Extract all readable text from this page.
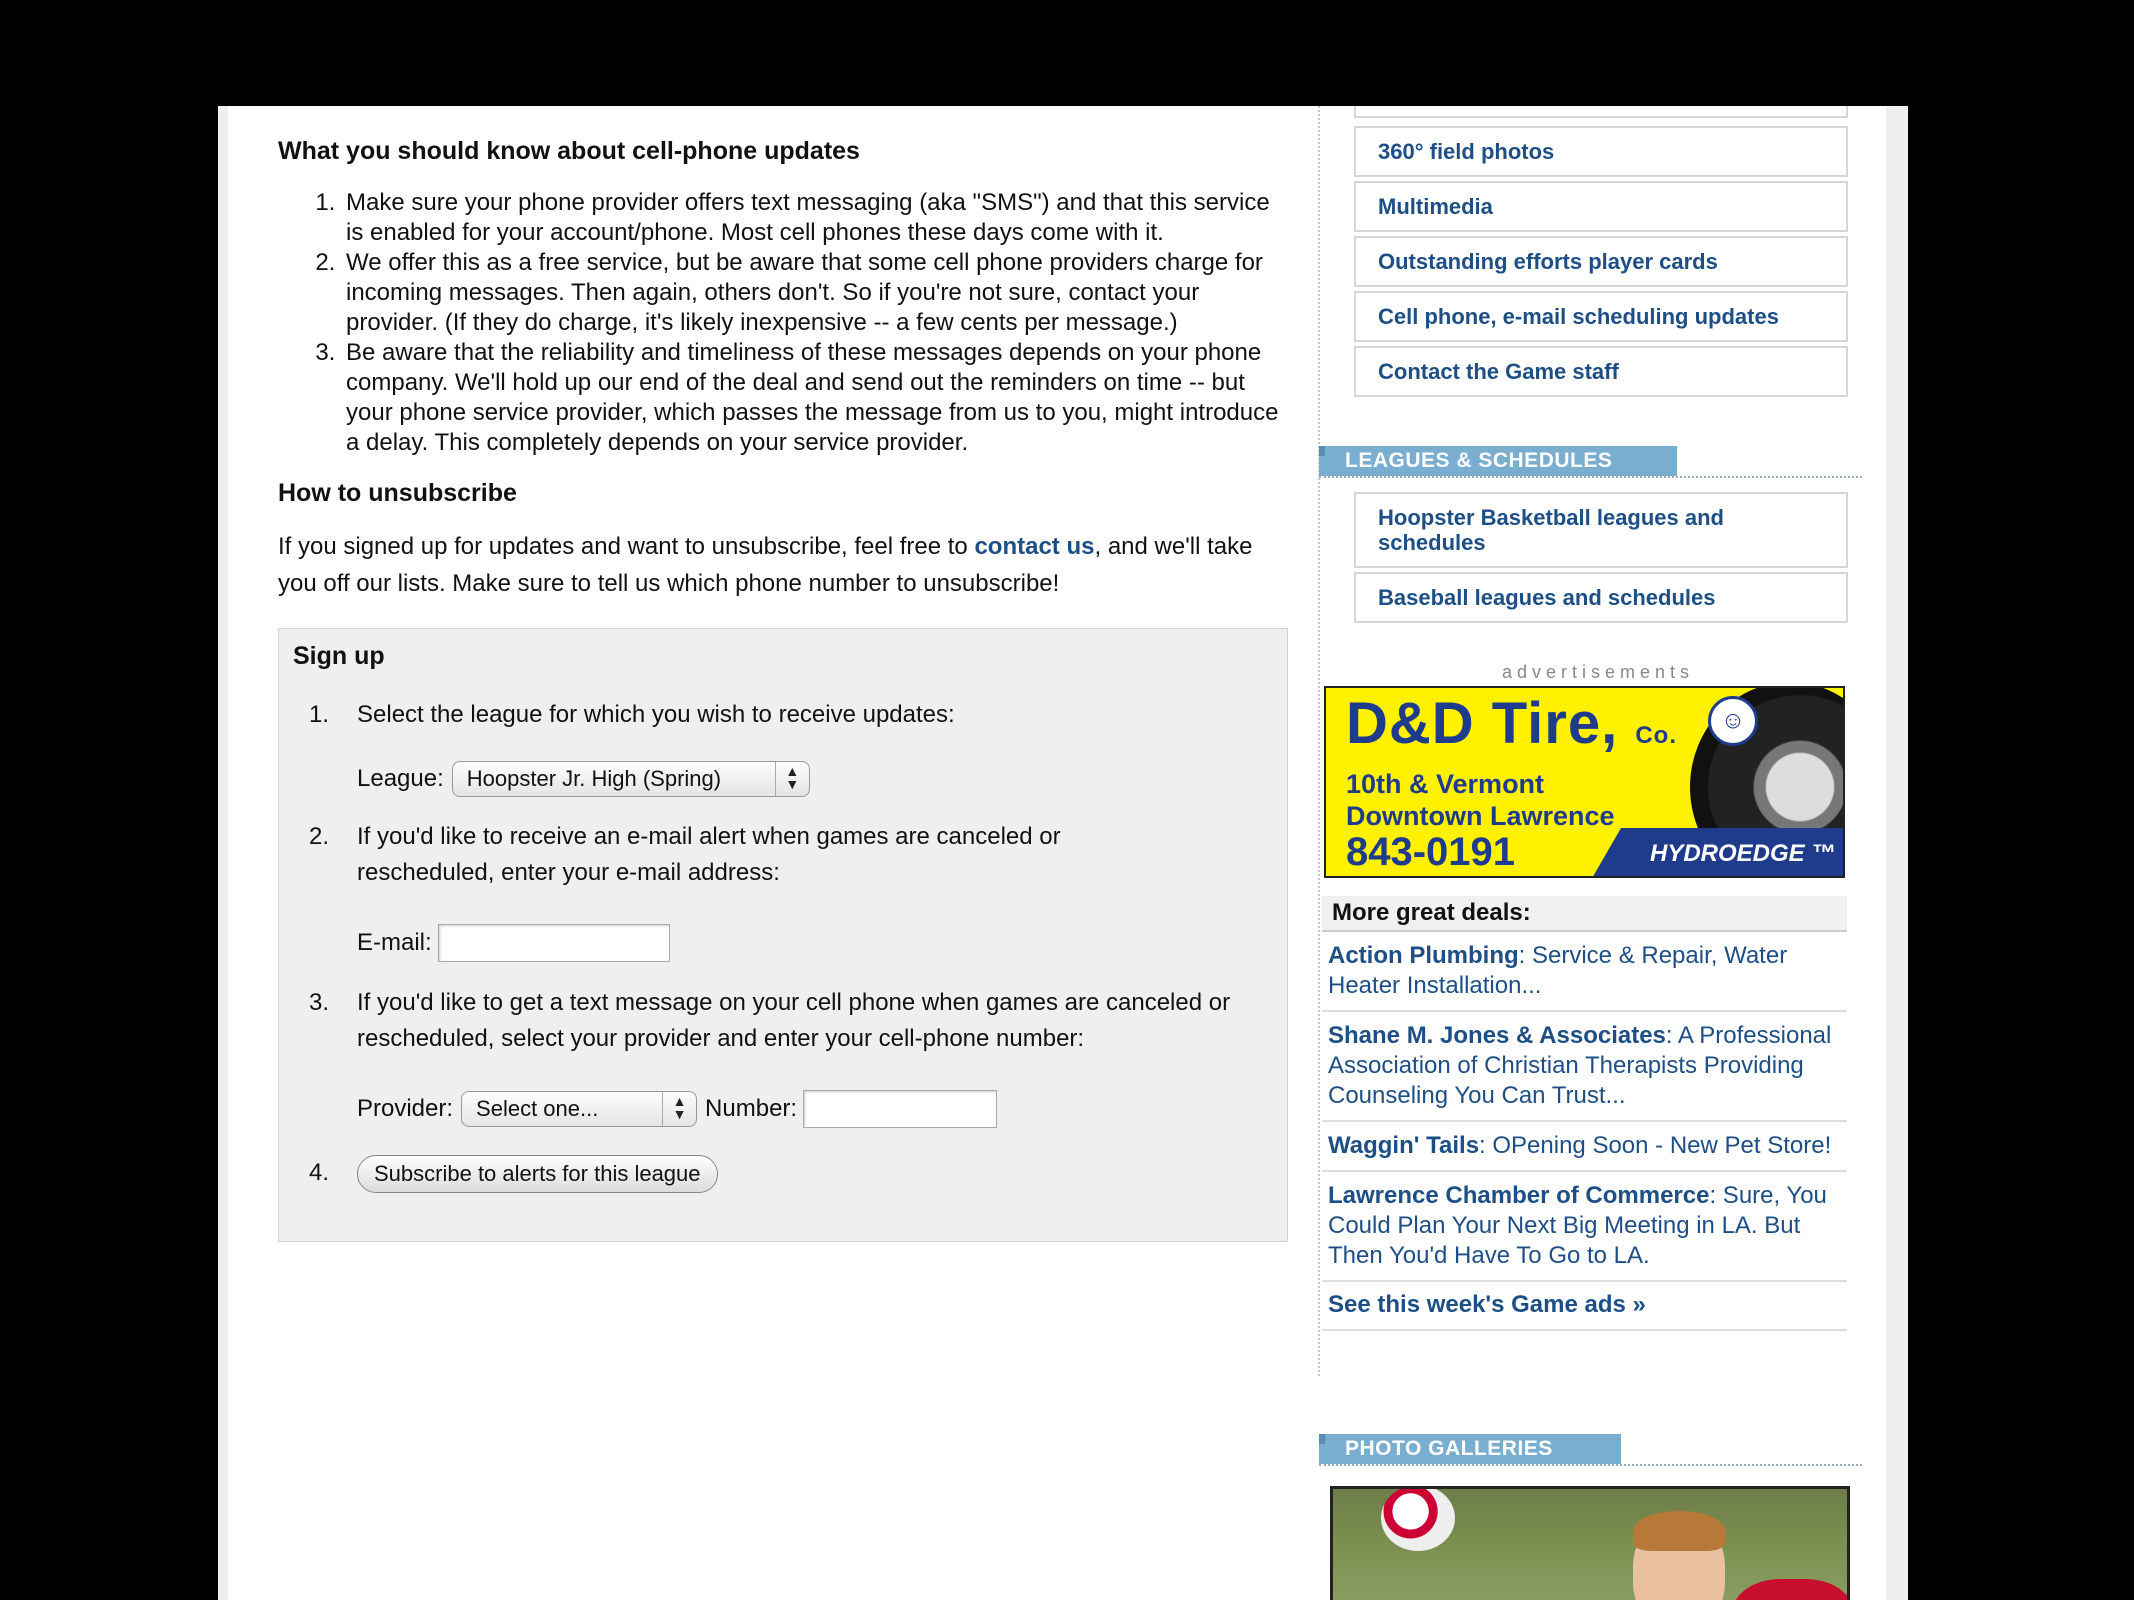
What you should know about cell-phone updates
1. Make sure your phone provider offers text messaging (aka "SMS") and that this service is enabled for your account/phone. Most cell phones these days come with it.
2. We offer this as a free service, but be aware that some cell phone providers charge for incoming messages. Then again, others don't. So if you're not sure, contact your provider. (If they do charge, it's likely inexpensive -- a few cents per message.)
3. Be aware that the reliability and timeliness of these messages depends on your phone company. We'll hold up our end of the deal and send out the reminders on time -- but your phone service provider, which passes the message from us to you, might introduce a delay. This completely depends on your service provider.
How to unsubscribe

If you signed up for updates and want to unsubscribe, feel free to contact us, and we'll take you off our lists. Make sure to tell us which phone number to unsubscribe!

Sign up
1.	Select the league for which you wish to receive updates:
League: Hoopster Jr. High (Spring)	▲
▼
2.	If you'd like to receive an e-mail alert when games are canceled or rescheduled, enter your e-mail address:
E-mail:
3.	If you'd like to get a text message on your cell phone when games are canceled or rescheduled, select your provider and enter your cell-phone number:
Provider: Select one...	▲
▼ Number:
4.	Subscribe to alerts for this league
360° field photos
Multimedia
Outstanding efforts player cards
Cell phone, e-mail scheduling updates
Contact the Game staff
LEAGUES & SCHEDULES
Hoopster Basketball leagues and schedules
Baseball leagues and schedules
advertisements
☺
D&D Tire, Co.
10th & Vermont
Downtown Lawrence
843-0191	HYDROEDGE ™
More great deals:
Action Plumbing: Service & Repair, Water Heater Installation...
Shane M. Jones & Associates: A Professional Association of Christian Therapists Providing Counseling You Can Trust...
Waggin' Tails: OPening Soon - New Pet Store!
Lawrence Chamber of Commerce: Sure, You Could Plan Your Next Big Meeting in LA. But Then You'd Have To Go to LA.
See this week's Game ads »
PHOTO GALLERIES
